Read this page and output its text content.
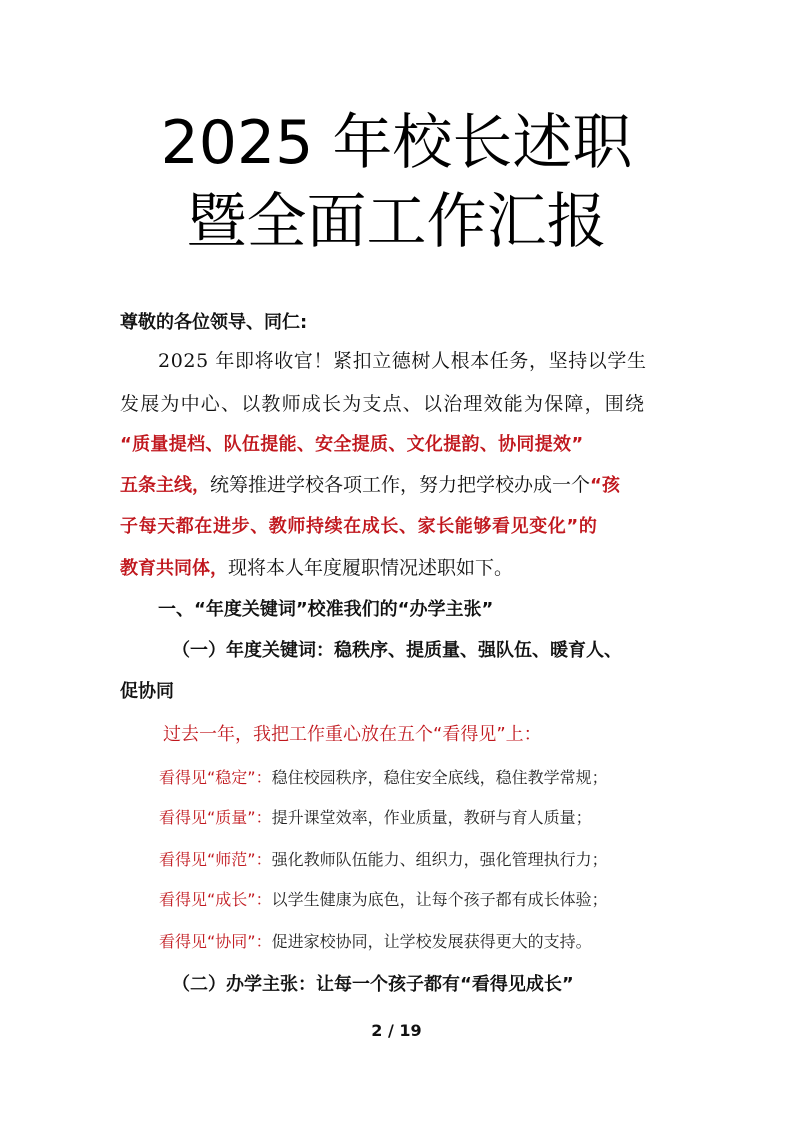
2025 年校长述职
暨全面工作汇报
尊敬的各位领导、同仁:
2025 年即将收官！紧扣立德树人根本任务，坚持以学生
发展为中心、以教师成长为支点、以治理效能为保障，围绕
“质量提档、队伍提能、安全提质、文化提韵、协同提效”
五条主线，统筹推进学校各项工作，努力把学校办成一个“孩
子每天都在进步、教师持续在成长、家长能够看见变化”的
教育共同体，现将本人年度履职情况述职如下。
一、“年度关键词”校准我们的“办学主张”
（一）年度关键词：稳秩序、提质量、强队伍、暖育人、
促协同
过去一年，我把工作重心放在五个“看得见”上：
看得见“稳定”：稳住校园秩序，稳住安全底线，稳住教学常规；
看得见“质量”：提升课堂效率，作业质量，教研与育人质量；
看得见“师范”：强化教师队伍能力、组织力，强化管理执行力；
看得见“成长”：以学生健康为底色，让每个孩子都有成长体验；
看得见“协同”：促进家校协同，让学校发展获得更大的支持。
（二）办学主张：让每一个孩子都有“看得见成长”
2 / 19
